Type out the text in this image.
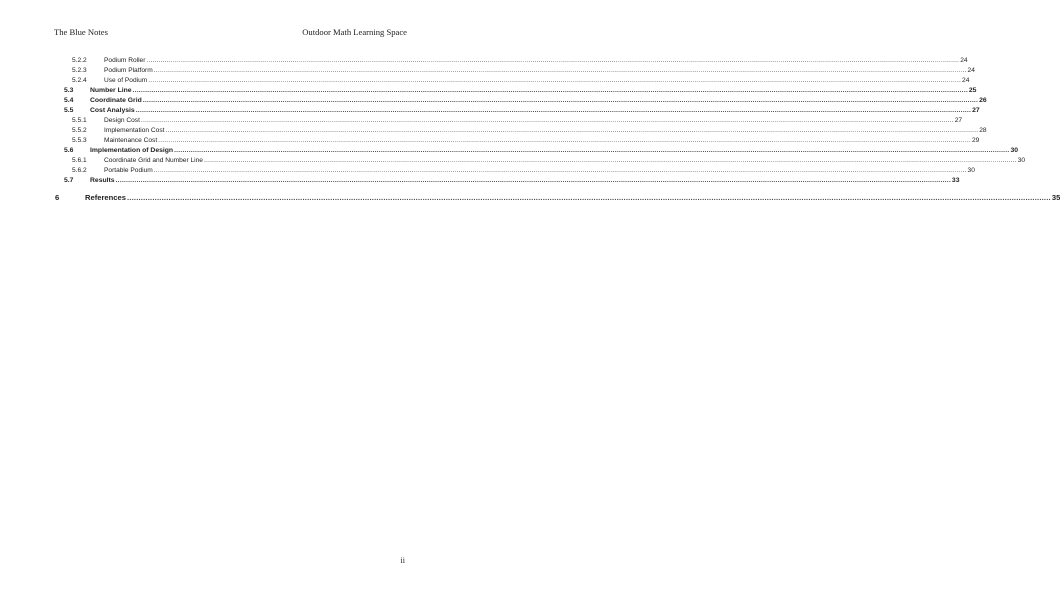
The Blue Notes	Outdoor Math Learning Space
5.2.2	Podium Roller ................................................................................................................................................................................................................................................................................................................................................................................................................ 24
5.2.3	Podium Platform ................................................................................................................................................................................................................................................................................................................................................................................................................ 24
5.2.4	Use of Podium ................................................................................................................................................................................................................................................................................................................................................................................................................ 24
5.3	Number Line ................................................................................................................................................................................................................................................................................................................................................................................................................ 25
5.4	Coordinate Grid ................................................................................................................................................................................................................................................................................................................................................................................................................ 26
5.5	Cost Analysis ................................................................................................................................................................................................................................................................................................................................................................................................................ 27
5.5.1	Design Cost ................................................................................................................................................................................................................................................................................................................................................................................................................ 27
5.5.2	Implementation Cost ................................................................................................................................................................................................................................................................................................................................................................................................................ 28
5.5.3	Maintenance Cost ................................................................................................................................................................................................................................................................................................................................................................................................................ 29
5.6	Implementation of Design ................................................................................................................................................................................................................................................................................................................................................................................................................ 30
5.6.1	Coordinate Grid and Number Line ................................................................................................................................................................................................................................................................................................................................................................................................................ 30
5.6.2	Portable Podium ................................................................................................................................................................................................................................................................................................................................................................................................................ 30
5.7	Results ................................................................................................................................................................................................................................................................................................................................................................................................................ 33
6	References ................................................................................................................................................................................................................................................................................................................................................................................................................ 35
ii
